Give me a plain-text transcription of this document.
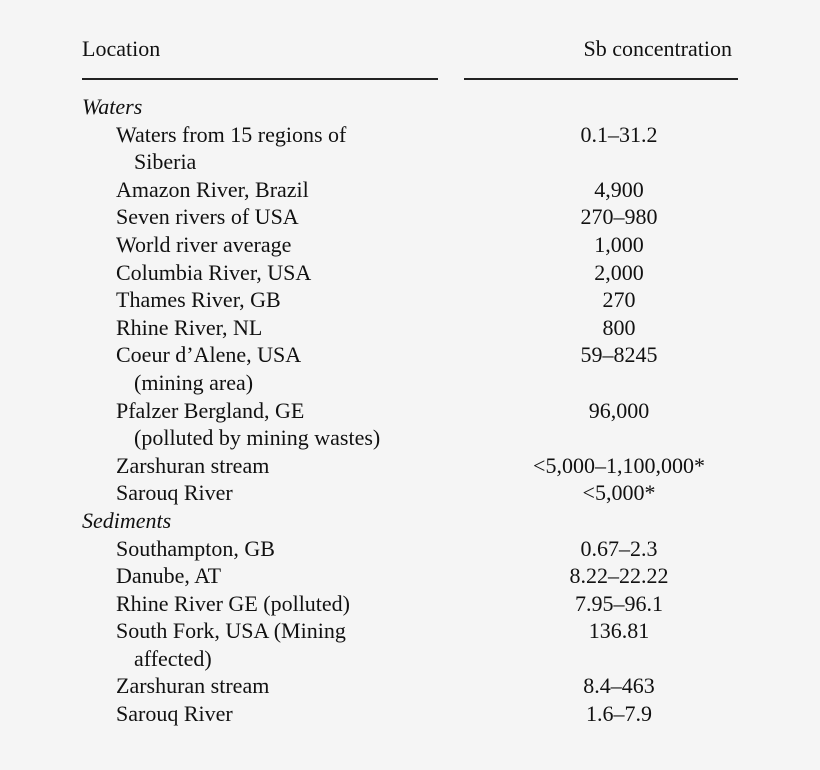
Location	Sb concentration
Waters
Waters from 15 regions of	0.1–31.2
Siberia
Amazon River, Brazil	4,900
Seven rivers of USA	270–980
World river average	1,000
Columbia River, USA	2,000
Thames River, GB	270
Rhine River, NL	800
Coeur d’Alene, USA	59–8245
(mining area)
Pfalzer Bergland, GE	96,000
(polluted by mining wastes)
Zarshuran stream	<5,000–1,100,000*
Sarouq River	<5,000*
Sediments
Southampton, GB	0.67–2.3
Danube, AT	8.22–22.22
Rhine River GE (polluted)	7.95–96.1
South Fork, USA (Mining	136.81
affected)
Zarshuran stream	8.4–463
Sarouq River	1.6–7.9
